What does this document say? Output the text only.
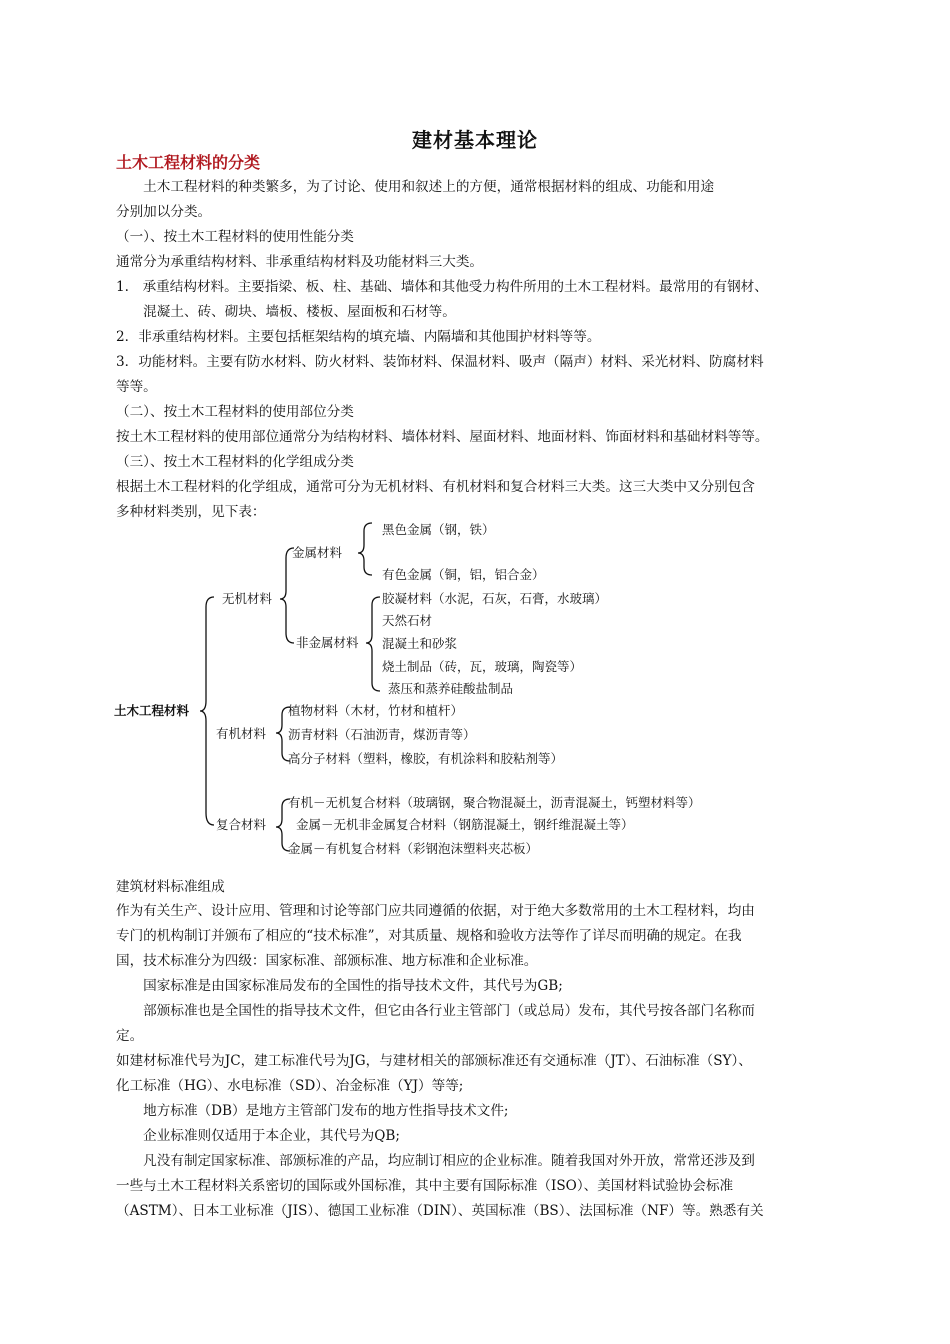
建材基本理论
土木工程材料的分类
　　土木工程材料的种类繁多，为了讨论、使用和叙述上的方便，通常根据材料的组成、功能和用途
分别加以分类。
（一）、按土木工程材料的使用性能分类
通常分为承重结构材料、非承重结构材料及功能材料三大类。
1.　承重结构材料。主要指梁、板、柱、基础、墙体和其他受力构件所用的土木工程材料。最常用的有钢材、
　　混凝土、砖、砌块、墙板、楼板、屋面板和石材等。
2．非承重结构材料。主要包括框架结构的填充墙、内隔墙和其他围护材料等等。
3．功能材料。主要有防水材料、防火材料、装饰材料、保温材料、吸声（隔声）材料、采光材料、防腐材料
等等。
（二）、按土木工程材料的使用部位分类
按土木工程材料的使用部位通常分为结构材料、墙体材料、屋面材料、地面材料、饰面材料和基础材料等等。
（三）、按土木工程材料的化学组成分类
根据土木工程材料的化学组成，通常可分为无机材料、有机材料和复合材料三大类。这三大类中又分别包含
多种材料类别，见下表：
土木工程材料
无机材料
金属材料
黑色金属（钢，铁）
有色金属（铜，铝，铝合金）
非金属材料
胶凝材料（水泥，石灰，石膏，水玻璃）
天然石材
混凝土和砂浆
烧土制品（砖，瓦，玻璃，陶瓷等）
蒸压和蒸养硅酸盐制品
有机材料
植物材料（木材，竹材和植杆）
沥青材料（石油沥青，煤沥青等）
高分子材料（塑料，橡胶，有机涂料和胶粘剂等）
复合材料
有机－无机复合材料（玻璃钢，聚合物混凝土，沥青混凝土，钙塑材料等）
金属－无机非金属复合材料（钢筋混凝土，钢纤维混凝土等）
金属－有机复合材料（彩钢泡沫塑料夹芯板）
建筑材料标准组成
作为有关生产、设计应用、管理和讨论等部门应共同遵循的依据，对于绝大多数常用的土木工程材料，均由
专门的机构制订并颁布了相应的“技术标准”，对其质量、规格和验收方法等作了详尽而明确的规定。在我
国，技术标准分为四级：国家标准、部颁标准、地方标准和企业标准。
　　国家标准是由国家标准局发布的全国性的指导技术文件，其代号为GB;
　　部颁标准也是全国性的指导技术文件，但它由各行业主管部门（或总局）发布，其代号按各部门名称而
定。
如建材标准代号为JC，建工标准代号为JG，与建材相关的部颁标准还有交通标准（JT）、石油标准（SY）、
化工标准（HG）、水电标准（SD）、冶金标准（YJ）等等;
　　地方标准（DB）是地方主管部门发布的地方性指导技术文件;
　　企业标准则仅适用于本企业，其代号为QB;
　　凡没有制定国家标准、部颁标准的产品，均应制订相应的企业标准。随着我国对外开放，常常还涉及到
一些与土木工程材料关系密切的国际或外国标准，其中主要有国际标准（ISO）、美国材料试验协会标准
（ASTM）、日本工业标准（JIS）、德国工业标准（DIN）、英国标准（BS）、法国标准（NF）等。熟悉有关
